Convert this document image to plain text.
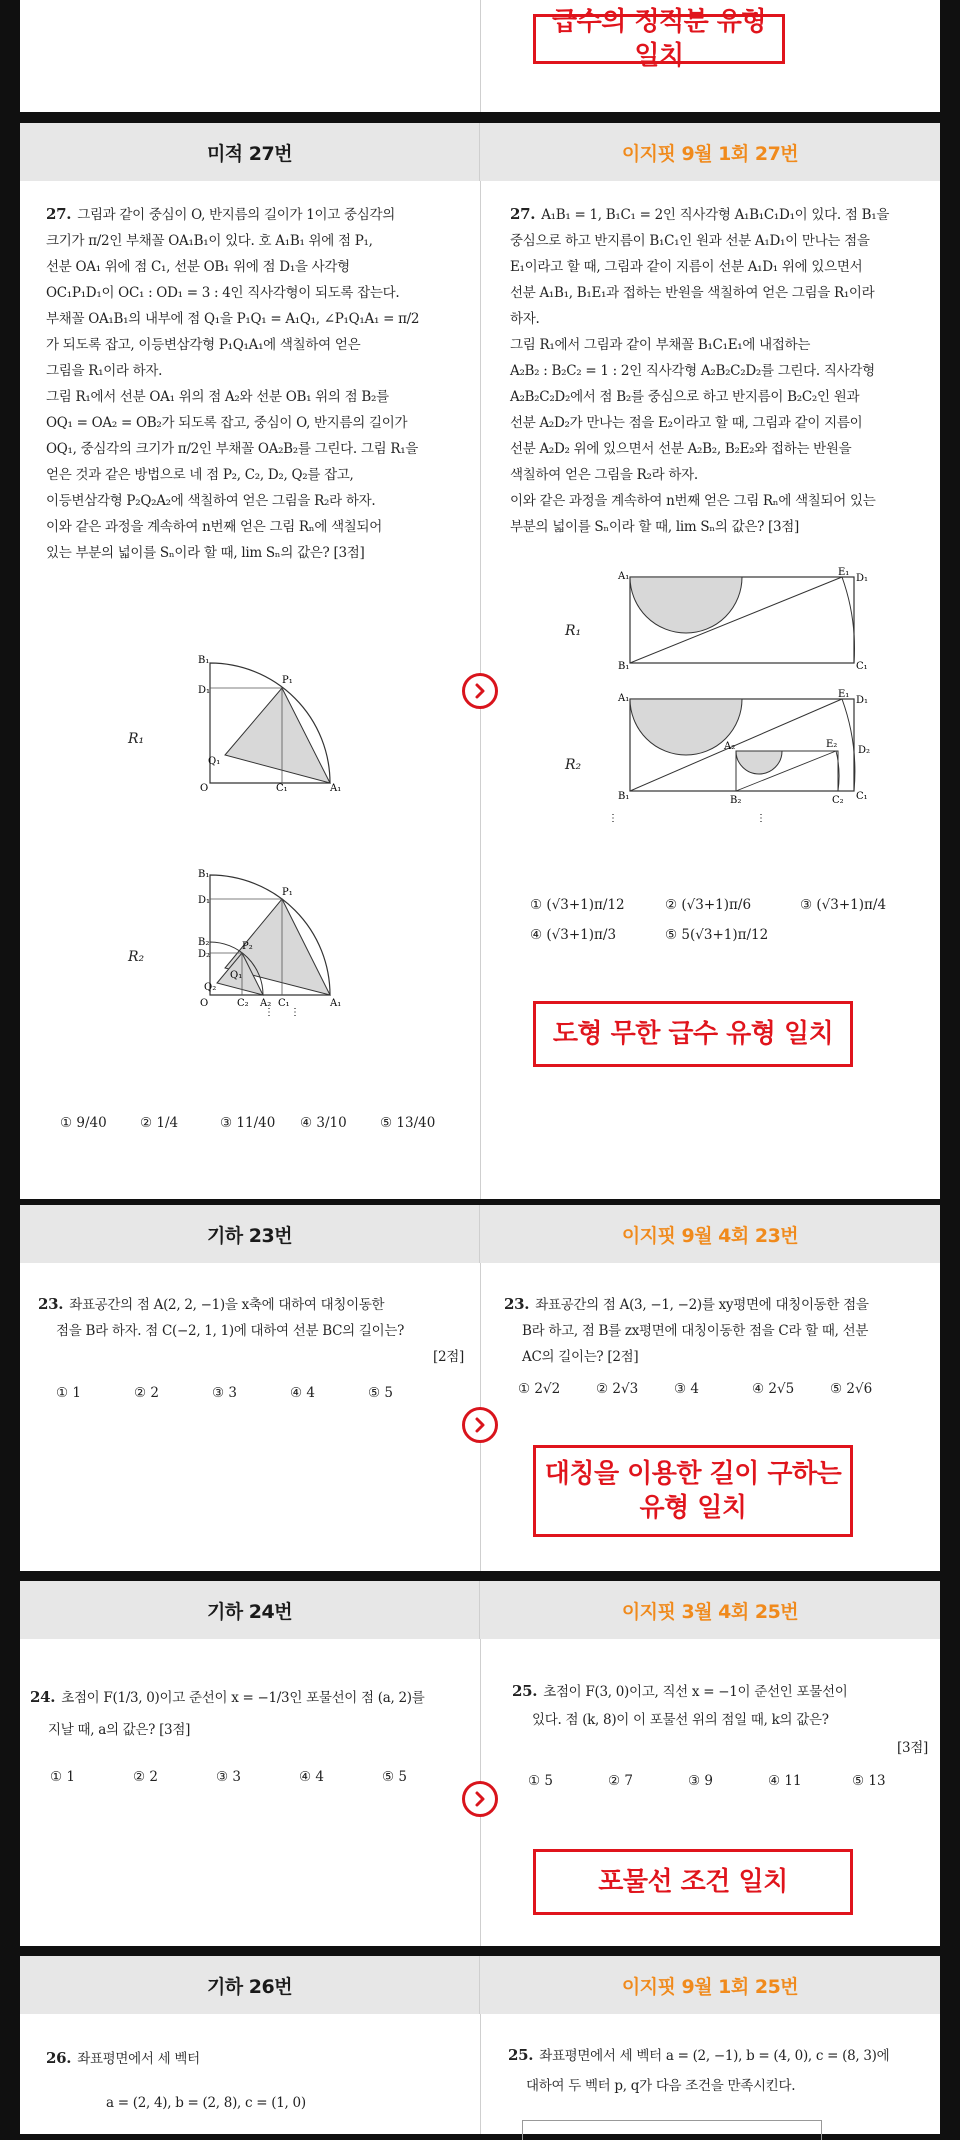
급수의 정적분 유형 일치
미적 27번	이지핏 9월 1회 27번

27. 그림과 같이 중심이 O, 반지름의 길이가 1이고 중심각의

크기가 π/2인 부채꼴 OA₁B₁이 있다. 호 A₁B₁ 위에 점 P₁,

선분 OA₁ 위에 점 C₁, 선분 OB₁ 위에 점 D₁을 사각형

OC₁P₁D₁이 OC₁ : OD₁ = 3 : 4인 직사각형이 되도록 잡는다.

부채꼴 OA₁B₁의 내부에 점 Q₁을 P₁Q₁ = A₁Q₁, ∠P₁Q₁A₁ = π/2

가 되도록 잡고, 이등변삼각형 P₁Q₁A₁에 색칠하여 얻은

그림을 R₁이라 하자.

그림 R₁에서 선분 OA₁ 위의 점 A₂와 선분 OB₁ 위의 점 B₂를

OQ₁ = OA₂ = OB₂가 되도록 잡고, 중심이 O, 반지름의 길이가

OQ₁, 중심각의 크기가 π/2인 부채꼴 OA₂B₂를 그린다. 그림 R₁을

얻은 것과 같은 방법으로 네 점 P₂, C₂, D₂, Q₂를 잡고,

이등변삼각형 P₂Q₂A₂에 색칠하여 얻은 그림을 R₂라 하자.

이와 같은 과정을 계속하여 n번째 얻은 그림 Rₙ에 색칠되어

있는 부분의 넓이를 Sₙ이라 할 때, lim Sₙ의 값은? [3점]

R₁
B₁
D₁
P₁
Q₁
O	C₁	A₁
R₂
B₁
D₁
P₁
B₂
D₂
P₂
Q₁
Q₂
O	C₂ A₂ C₁	A₁
⋮ ⋮
① 9/40	② 1/4	③ 11/40	④ 3/10	⑤ 13/40

27. A₁B₁ = 1, B₁C₁ = 2인 직사각형 A₁B₁C₁D₁이 있다. 점 B₁을

중심으로 하고 반지름이 B₁C₁인 원과 선분 A₁D₁이 만나는 점을

E₁이라고 할 때, 그림과 같이 지름이 선분 A₁D₁ 위에 있으면서

선분 A₁B₁, B₁E₁과 접하는 반원을 색칠하여 얻은 그림을 R₁이라

하자.

그림 R₁에서 그림과 같이 부채꼴 B₁C₁E₁에 내접하는

A₂B₂ : B₂C₂ = 1 : 2인 직사각형 A₂B₂C₂D₂를 그린다. 직사각형

A₂B₂C₂D₂에서 점 B₂를 중심으로 하고 반지름이 B₂C₂인 원과

선분 A₂D₂가 만나는 점을 E₂이라고 할 때, 그림과 같이 지름이

선분 A₂D₂ 위에 있으면서 선분 A₂B₂, B₂E₂와 접하는 반원을

색칠하여 얻은 그림을 R₂라 하자.

이와 같은 과정을 계속하여 n번째 얻은 그림 Rₙ에 색칠되어 있는

부분의 넓이를 Sₙ이라 할 때, lim Sₙ의 값은? [3점]

R₁
A₁	E₁
D₁
B₁	C₁
R₂
A₁	E₁
D₁
A₂	E₂
D₂
B₁	B₂	C₂ C₁
⋮	⋮
① (√3+1)π/12	② (√3+1)π/6	③ (√3+1)π/4
④ (√3+1)π/3	⑤ 5(√3+1)π/12
도형 무한 급수 유형 일치
기하 23번	이지핏 9월 4회 23번

23. 좌표공간의 점 A(2, 2, −1)을 x축에 대하여 대칭이동한

점을 B라 하자. 점 C(−2, 1, 1)에 대하여 선분 BC의 길이는?

[2점]

① 1	② 2	③ 3	④ 4	⑤ 5

23. 좌표공간의 점 A(3, −1, −2)를 xy평면에 대칭이동한 점을

B라 하고, 점 B를 zx평면에 대칭이동한 점을 C라 할 때, 선분

AC의 길이는? [2점]

① 2√2	② 2√3	③ 4	④ 2√5	⑤ 2√6
대칭을 이용한 길이 구하는
유형 일치
기하 24번	이지핏 3월 4회 25번

24. 초점이 F(1/3, 0)이고 준선이 x = −1/3인 포물선이 점 (a, 2)를

지날 때, a의 값은? [3점]

① 1	② 2	③ 3	④ 4	⑤ 5

25. 초점이 F(3, 0)이고, 직선 x = −1이 준선인 포물선이

있다. 점 (k, 8)이 이 포물선 위의 점일 때, k의 값은?

[3점]

① 5	② 7	③ 9	④ 11	⑤ 13
포물선 조건 일치
기하 26번	이지핏 9월 1회 25번

26. 좌표평면에서 세 벡터

a = (2, 4), b = (2, 8), c = (1, 0)

25. 좌표평면에서 세 벡터 a = (2, −1), b = (4, 0), c = (8, 3)에

대하여 두 벡터 p, q가 다음 조건을 만족시킨다.
